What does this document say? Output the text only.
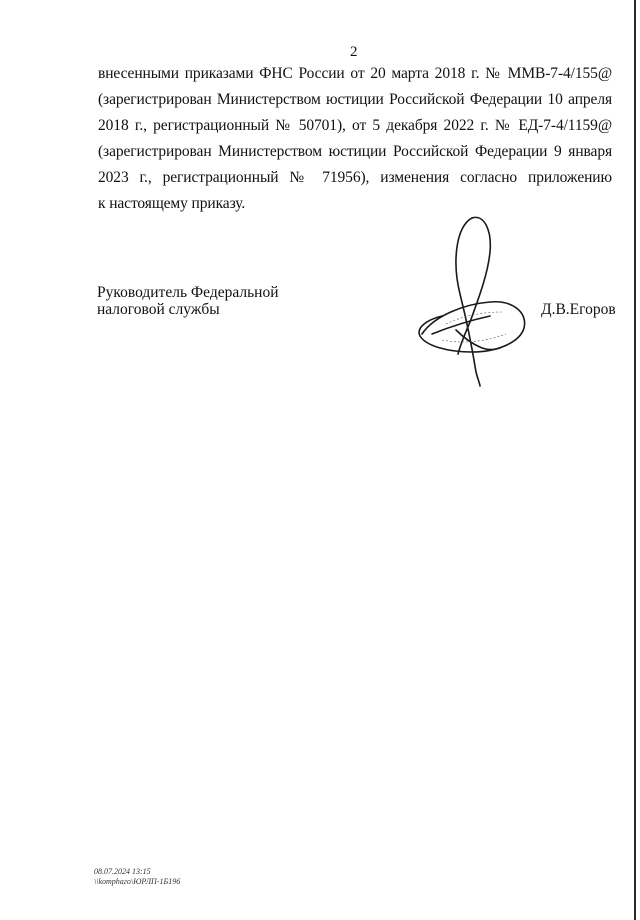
2
внесенными приказами ФНС России от 20 марта 2018 г. № ММВ-7-4/155@
(зарегистрирован Министерством юстиции Российской Федерации 10 апреля
2018 г., регистрационный № 50701), от 5 декабря 2022 г. № ЕД-7-4/1159@
(зарегистрирован Министерством юстиции Российской Федерации 9 января
2023 г., регистрационный № 71956), изменения согласно приложению
к настоящему приказу.
Руководитель Федеральной
налоговой службы	Д.В.Егоров
08.07.2024 13:15
\\komphaгo\ЮРЛП-1Б196
